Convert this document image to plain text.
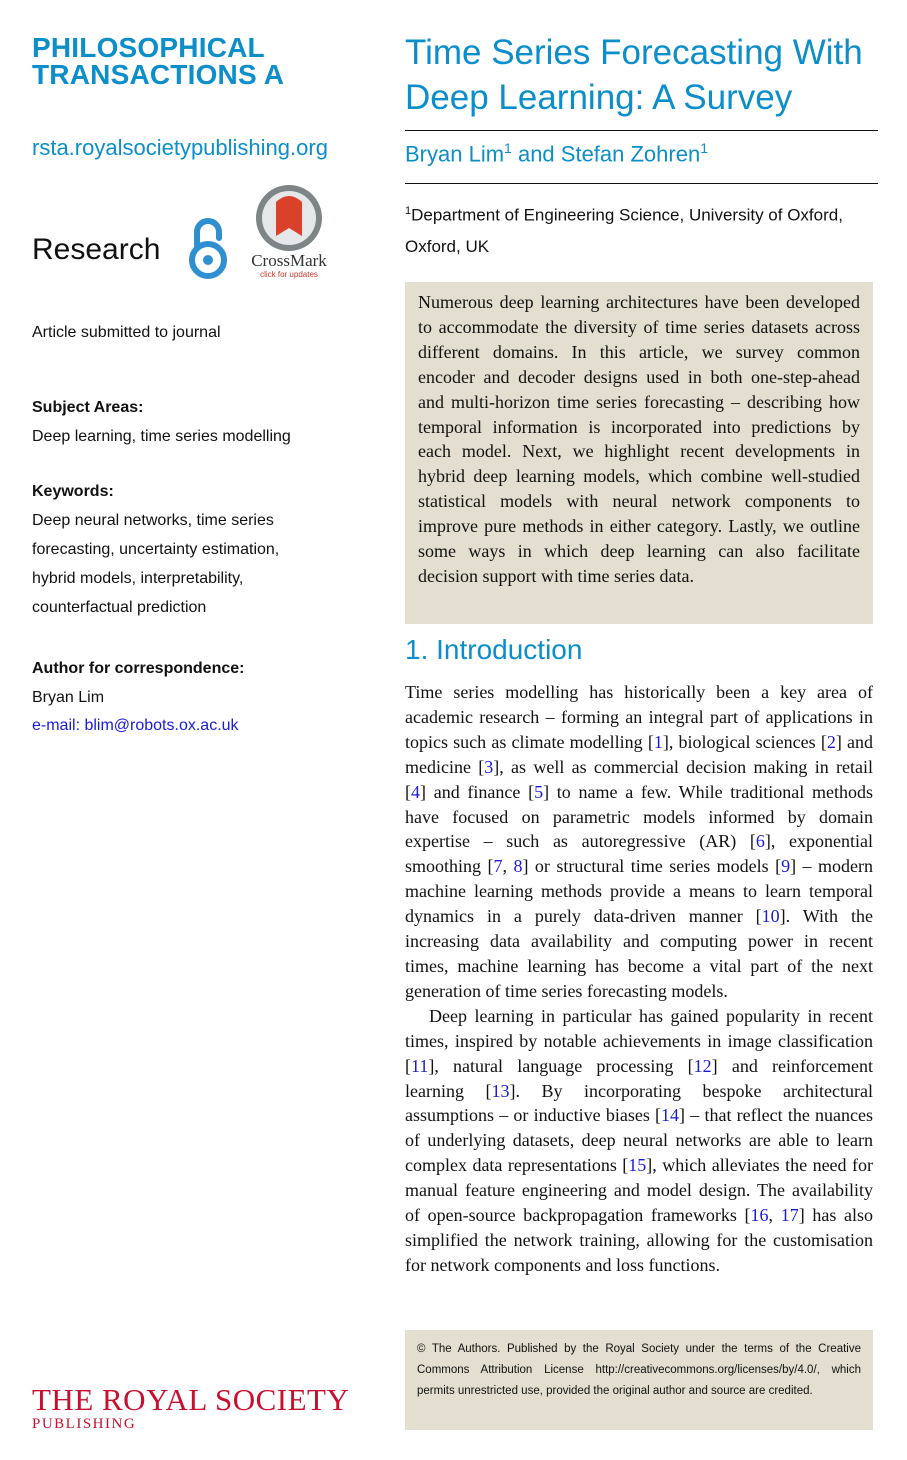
PHILOSOPHICAL
TRANSACTIONS A
rsta.royalsocietypublishing.org
Research	CrossMark
click for updates
Article submitted to journal
Subject Areas:
Deep learning, time series modelling
Keywords:
Deep neural networks, time series
forecasting, uncertainty estimation,
hybrid models, interpretability,
counterfactual prediction
Author for correspondence:
Bryan Lim
e-mail: blim@robots.ox.ac.uk
THE ROYAL SOCIETY
PUBLISHING
Time Series Forecasting With
Deep Learning: A Survey
Bryan Lim$^1$ and Stefan Zohren$^1$
$^1$Department of Engineering Science, University of Oxford, Oxford, UK

Numerous deep learning architectures have been developed to accommodate the diversity of time series datasets across different domains. In this article, we survey common encoder and decoder designs used in both one-step-ahead and multi-horizon time series forecasting – describing how temporal information is incorporated into predictions by each model. Next, we highlight recent developments in hybrid deep learning models, which combine well-studied statistical models with neural network components to improve pure methods in either category. Lastly, we outline some ways in which deep learning can also facilitate decision support with time series data.

1. Introduction

Time series modelling has historically been a key area of academic research – forming an integral part of applications in topics such as climate modelling [1], biological sciences [2] and medicine [3], as well as commercial decision making in retail [4] and finance [5] to name a few. While traditional methods have focused on parametric models informed by domain expertise – such as autoregressive (AR) [6], exponential smoothing [7, 8] or structural time series models [9] – modern machine learning methods provide a means to learn temporal dynamics in a purely data-driven manner [10]. With the increasing data availability and computing power in recent times, machine learning has become a vital part of the next generation of time series forecasting models.

Deep learning in particular has gained popularity in recent times, inspired by notable achievements in image classification [11], natural language processing [12] and reinforcement learning [13]. By incorporating bespoke architectural assumptions – or inductive biases [14] – that reflect the nuances of underlying datasets, deep neural networks are able to learn complex data representations [15], which alleviates the need for manual feature engineering and model design. The availability of open-source backpropagation frameworks [16, 17] has also simplified the network training, allowing for the customisation for network components and loss functions.

© The Authors. Published by the Royal Society under the terms of the Creative Commons Attribution License http://creativecommons.org/licenses/by/4.0/, which permits unrestricted use, provided the original author and source are credited.
